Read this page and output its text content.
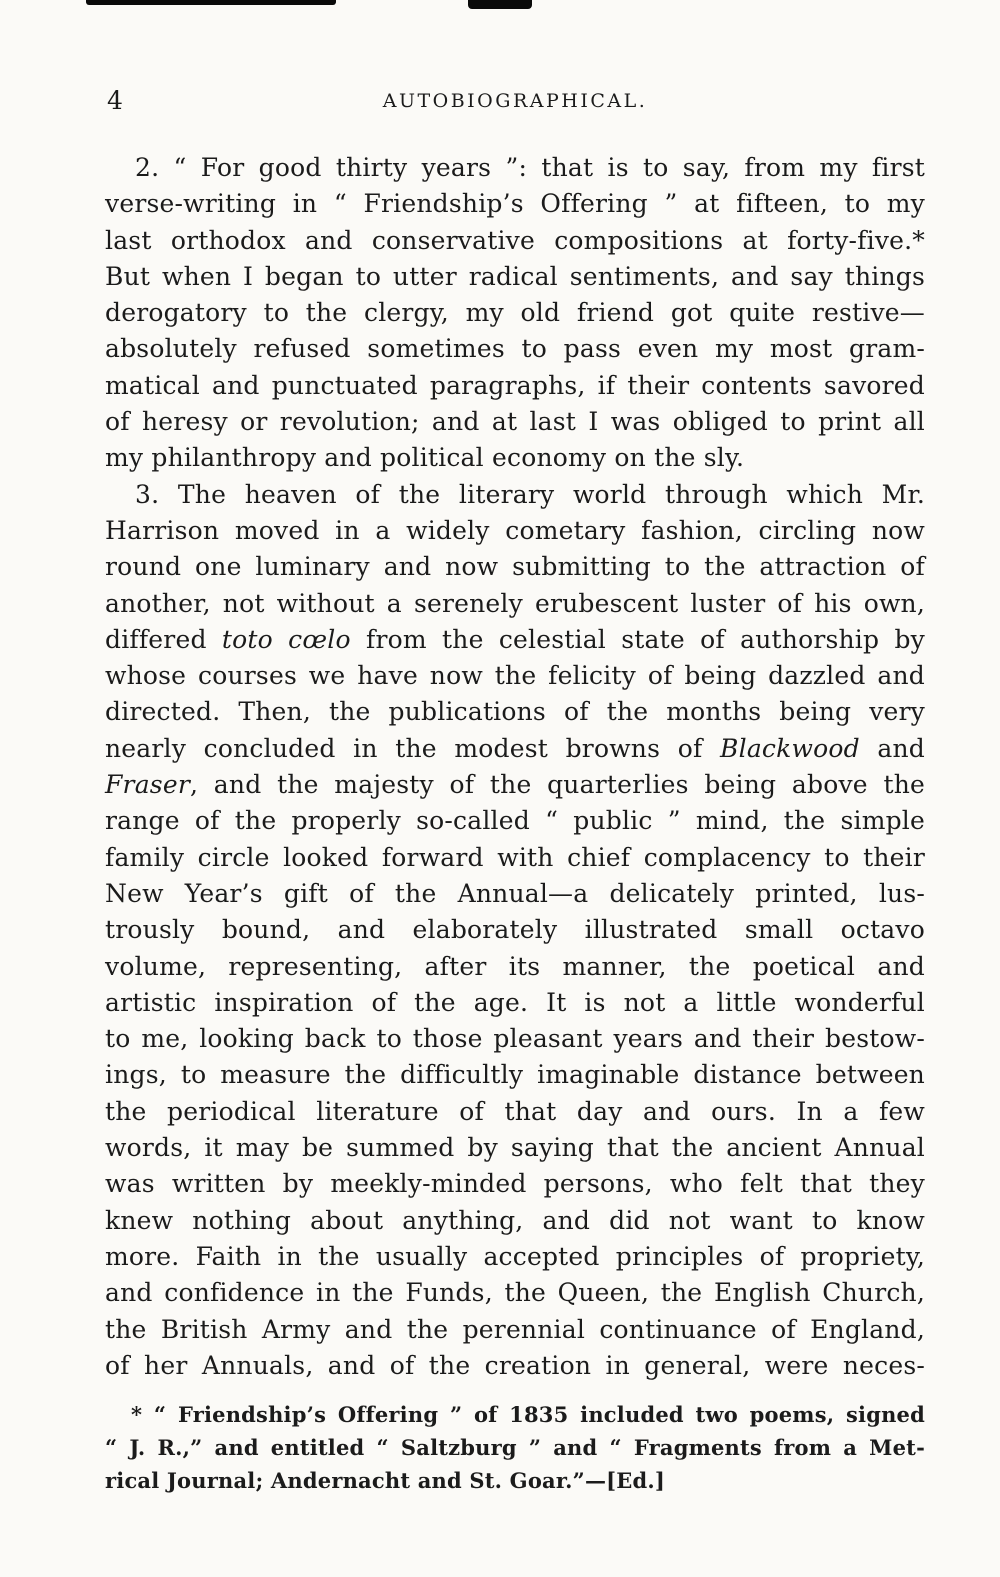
4	AUTOBIOGRAPHICAL.
2. “ For good thirty years ”: that is to say, from my first
verse-writing in “ Friendship’s Offering ” at fifteen, to my
last orthodox and conservative compositions at forty-five.*
But when I began to utter radical sentiments, and say things
derogatory to the clergy, my old friend got quite restive—
absolutely refused sometimes to pass even my most gram-
matical and punctuated paragraphs, if their contents savored
of heresy or revolution; and at last I was obliged to print all
my philanthropy and political economy on the sly.
3. The heaven of the literary world through which Mr.
Harrison moved in a widely cometary fashion, circling now
round one luminary and now submitting to the attraction of
another, not without a serenely erubescent luster of his own,
differed toto cœlo from the celestial state of authorship by
whose courses we have now the felicity of being dazzled and
directed. Then, the publications of the months being very
nearly concluded in the modest browns of Blackwood and
Fraser, and the majesty of the quarterlies being above the
range of the properly so-called “ public ” mind, the simple
family circle looked forward with chief complacency to their
New Year’s gift of the Annual—a delicately printed, lus-
trously bound, and elaborately illustrated small octavo
volume, representing, after its manner, the poetical and
artistic inspiration of the age. It is not a little wonderful
to me, looking back to those pleasant years and their bestow-
ings, to measure the difficultly imaginable distance between
the periodical literature of that day and ours. In a few
words, it may be summed by saying that the ancient Annual
was written by meekly-minded persons, who felt that they
knew nothing about anything, and did not want to know
more. Faith in the usually accepted principles of propriety,
and confidence in the Funds, the Queen, the English Church,
the British Army and the perennial continuance of England,
of her Annuals, and of the creation in general, were neces-
* “ Friendship’s Offering ” of 1835 included two poems, signed
“ J. R.,” and entitled “ Saltzburg ” and “ Fragments from a Met-
rical Journal; Andernacht and St. Goar.”—[Ed.]
